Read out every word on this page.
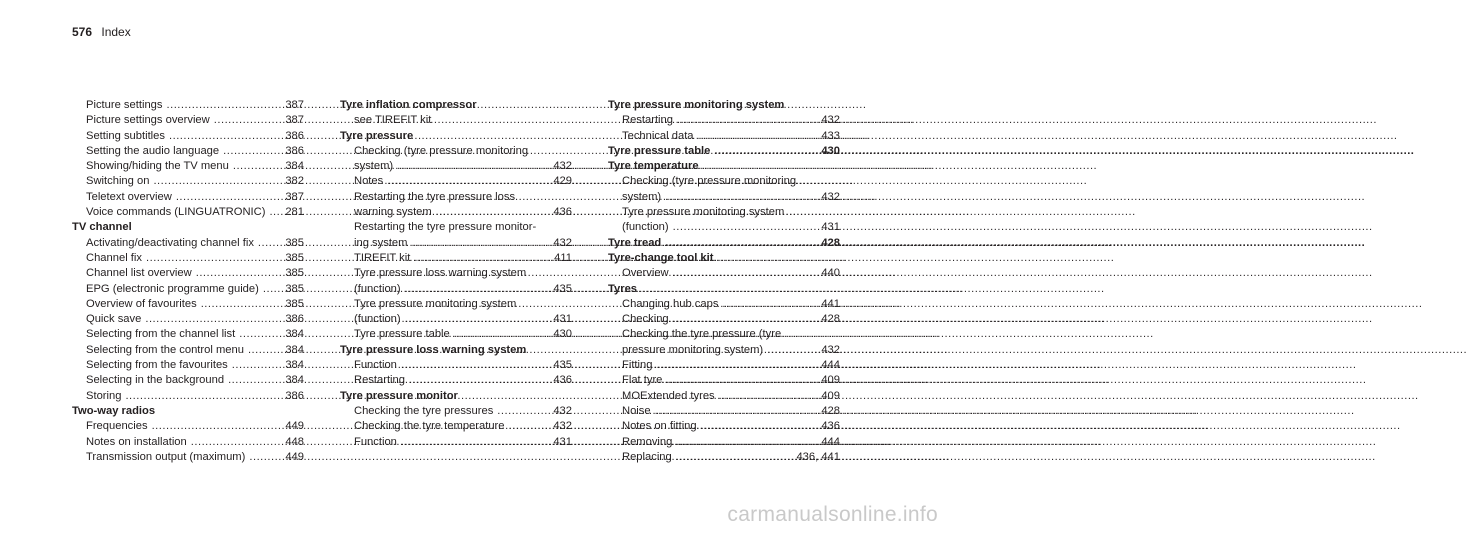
576 Index
Picture settings .....	387
Picture settings overview .....	387
Setting subtitles .....	386
Setting the audio language .....	386
Showing/hiding the TV menu .....	384
Switching on .....	382
Teletext overview .....	387
Voice commands (LINGUATRONIC) ..... 281
TV channel
Activating/deactivating channel fix .....	385
Channel fix .....	385
Channel list overview .....	385
EPG (electronic programme guide) ..... 385
Overview of favourites .....	385
Quick save .....	386
Selecting from the channel list .....	384
Selecting from the control menu .....	384
Selecting from the favourites .....	384
Selecting in the background .....	384
Storing .....	386
Two-way radios
Frequencies .....	449
Notes on installation .....	448
Transmission output (maximum) .....	449
Tyre inflation compressor
see TIREFIT kit
Tyre pressure
Checking (tyre pressure monitoring
system) .....	432
Notes .....	429
Restarting the tyre pressure loss
warning system .....	436
Restarting the tyre pressure monitor-
ing system .....	432
TIREFIT kit .....	411
Tyre pressure loss warning system
(function) .....	435
Tyre pressure monitoring system
(function) .....	431
Tyre pressure table .....	430
Tyre pressure loss warning system
Function .....	435
Restarting .....	436
Tyre pressure monitor
Checking the tyre pressures .....	432
Checking the tyre temperature .....	432
Function .....	431
Tyre pressure monitoring system
Restarting .....	432
Technical data .....	433
Tyre pressure table .....	430
Tyre temperature
Checking (tyre pressure monitoring
system) .....	432
Tyre pressure monitoring system
(function) .....	431
Tyre tread .....	428
Tyre-change tool kit
Overview .....	440
Tyres
Changing hub caps .....	441
Checking .....	428
Checking the tyre pressure (tyre
pressure monitoring system) .....	432
Fitting .....	444
Flat tyre .....	409
MOExtended tyres .....	409
Noise .....	428
Notes on fitting .....	436
Removing .....	444
Replacing .....	436, 441
carmanualsonline.info
